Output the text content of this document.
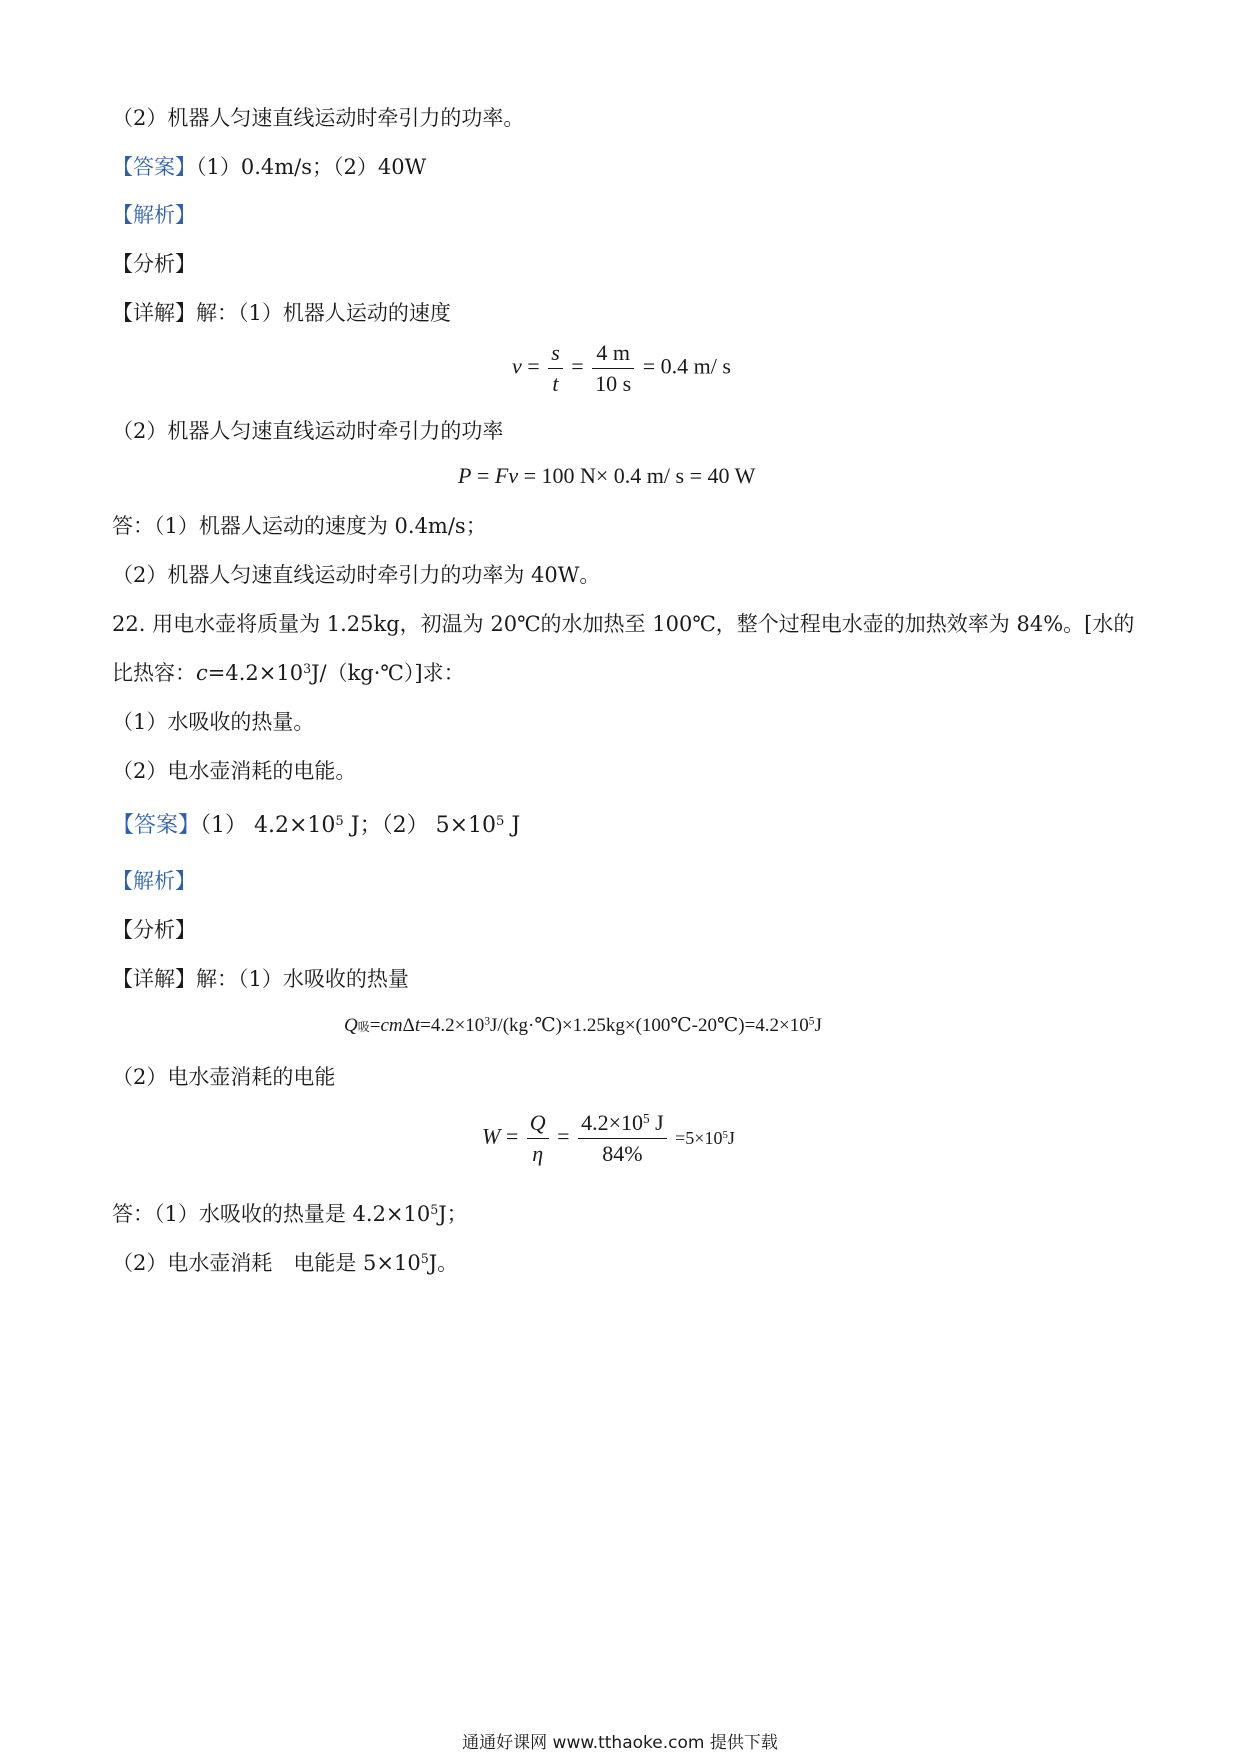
（2）机器人匀速直线运动时牵引力的功率。
【答案】（1）0.4m/s；（2）40W
【解析】
【分析】
【详解】解：（1）机器人运动的速度
$v = \frac{s}{t} = \frac{4 m}{10 s} = 0.4$ m/ s
（2）机器人匀速直线运动时牵引力的功率
P = Fv = 100 N× 0.4 m/ s = 40 W
答：（1）机器人运动的速度为 0.4m/s；
（2）机器人匀速直线运动时牵引力的功率为 40W。
22. 用电水壶将质量为 1.25kg，初温为 20℃的水加热至 100℃，整个过程电水壶的加热效率为 84%。[水的
比热容：$c=4.2\times 10^3J/(kg\cdot℃)$]求：
（1）水吸收的热量。
（2）电水壶消耗的电能。
【答案】（1） $4.2\times 10^5$ J；（2） $5\times 10^5$ J
【解析】
【分析】
【详解】解：（1）水吸收的热量
Q吸$=cm\Delta t=4.2\times 10^3J/(kg\cdot℃)\times 1.25kg\times(100℃-20℃)=4.2\times 10^5J$
（2）电水壶消耗的电能
$W = \frac{Q}{\eta} = \frac{4.2\times 10^5 J}{84\%} =5\times 10^5J$
答：（1）水吸收的热量是 $4.2\times 10^5J$；
（2）电水壶消耗　电能是 $5\times 10^5J$。
通通好课网 www.tthaoke.com 提供下载
